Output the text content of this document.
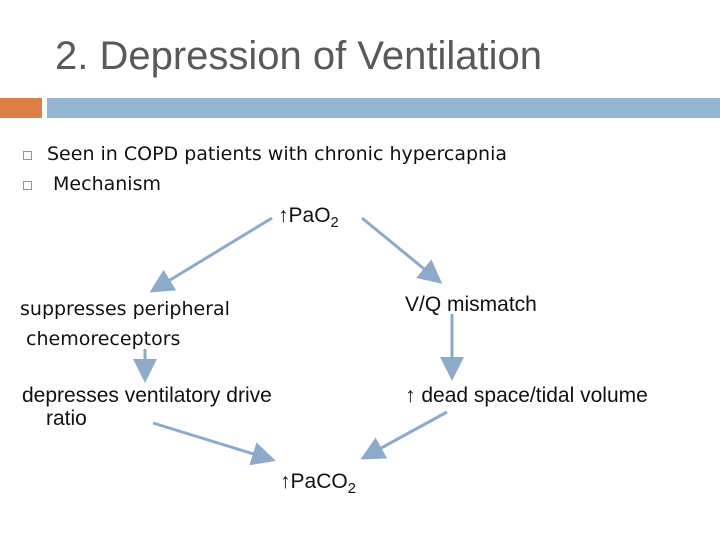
2. Depression of Ventilation
Seen in COPD patients with chronic hypercapnia
Mechanism
↑PaO$_2$
suppresses peripheral
chemoreceptors
V/Q mismatch
depresses ventilatory drive
ratio
↑ dead space/tidal volume
↑PaCO$_2$
